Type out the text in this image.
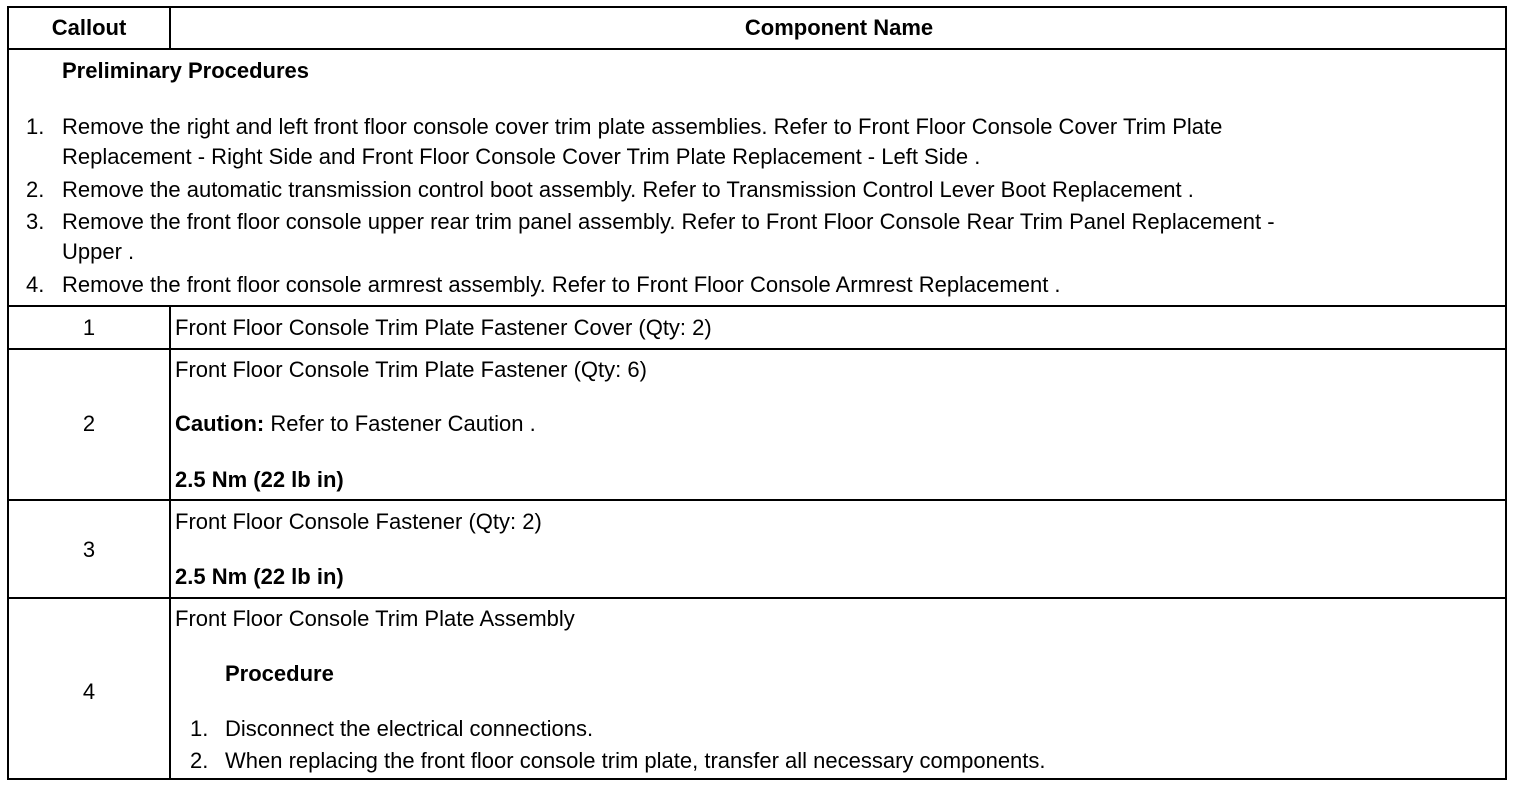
Callout	Component Name
Preliminary Procedures
1. Remove the right and left front floor console cover trim plate assemblies. Refer to Front Floor Console Cover Trim Plate
Replacement - Right Side and Front Floor Console Cover Trim Plate Replacement - Left Side .
2. Remove the automatic transmission control boot assembly. Refer to Transmission Control Lever Boot Replacement .
3. Remove the front floor console upper rear trim panel assembly. Refer to Front Floor Console Rear Trim Panel Replacement -
Upper .
4. Remove the front floor console armrest assembly. Refer to Front Floor Console Armrest Replacement .
1	Front Floor Console Trim Plate Fastener Cover (Qty: 2)
2
Front Floor Console Trim Plate Fastener (Qty: 6)
Caution: Refer to Fastener Caution .
2.5 Nm (22 lb in)
3
Front Floor Console Fastener (Qty: 2)
2.5 Nm (22 lb in)
4
Front Floor Console Trim Plate Assembly
Procedure
1. Disconnect the electrical connections.
2. When replacing the front floor console trim plate, transfer all necessary components.
